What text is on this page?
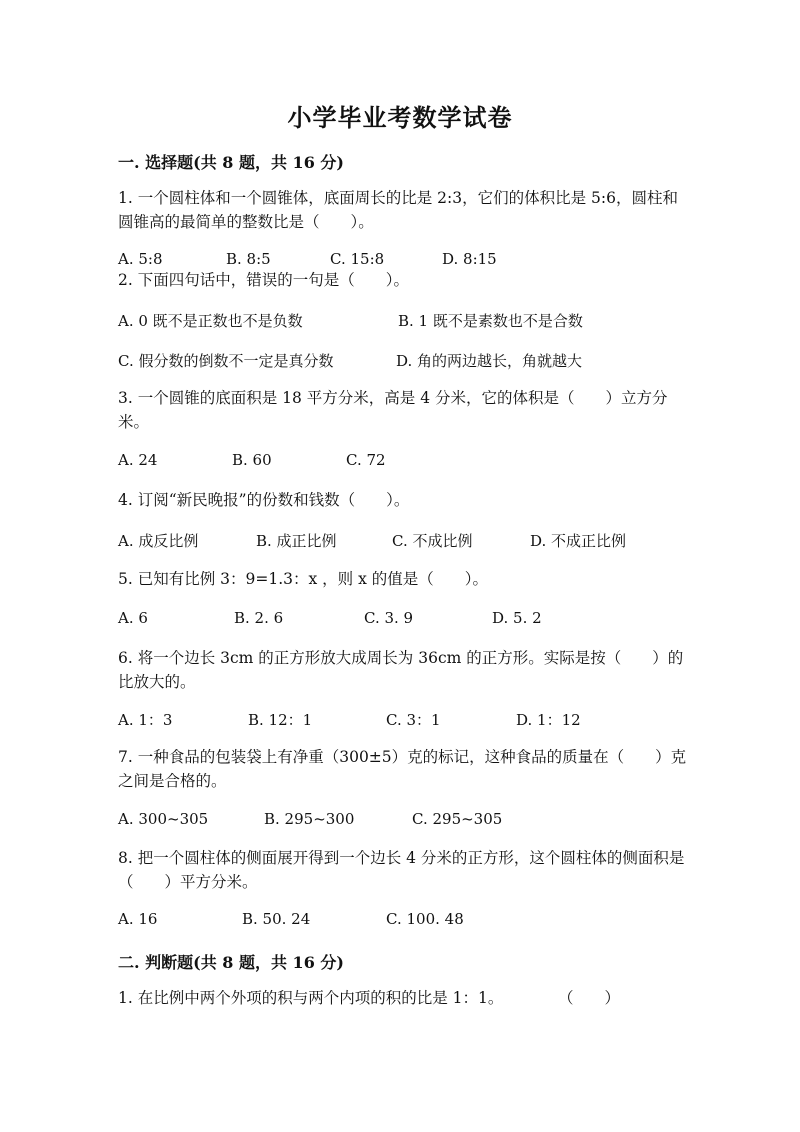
小学毕业考数学试卷
一. 选择题(共 8 题，共 16 分)
1. 一个圆柱体和一个圆锥体，底面周长的比是 2:3，它们的体积比是 5:6，圆柱和圆锥高的最简单的整数比是（　　）。
A. 5:8	B. 8:5	C. 15:8	D. 8:15
2. 下面四句话中，错误的一句是（　　）。
A. 0 既不是正数也不是负数	B. 1 既不是素数也不是合数
C. 假分数的倒数不一定是真分数	D. 角的两边越长，角就越大
3. 一个圆锥的底面积是 18 平方分米，高是 4 分米，它的体积是（　　）立方分米。
A. 24	B. 60	C. 72
4. 订阅“新民晚报”的份数和钱数（　　）。
A. 成反比例	B. 成正比例	C. 不成比例	D. 不成正比例
5. 已知有比例 3：9=1.3：x ，则 x 的值是（　　）。
A. 6	B. 2. 6	C. 3. 9	D. 5. 2
6. 将一个边长 3cm 的正方形放大成周长为 36cm 的正方形。实际是按（　　）的比放大的。
A. 1：3	B. 12：1	C. 3：1	D. 1：12
7. 一种食品的包装袋上有净重（300±5）克的标记，这种食品的质量在（　　）克之间是合格的。
A. 300~305	B. 295~300	C. 295~305
8. 把一个圆柱体的侧面展开得到一个边长 4 分米的正方形，这个圆柱体的侧面积是（　　）平方分米。
A. 16	B. 50. 24	C. 100. 48
二. 判断题(共 8 题，共 16 分)
1. 在比例中两个外项的积与两个内项的积的比是 1：1。	（　　）
